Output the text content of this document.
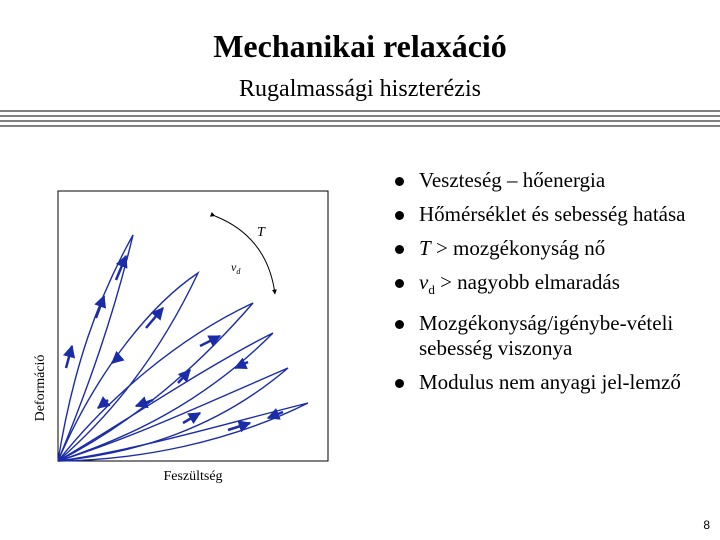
Mechanikai relaxáció
Rugalmassági hiszterézis
T
$v_d$
Deformáció
Feszültség
Veszteség – hőenergia
Hőmérséklet és sebesség hatása
T > mozgékonyság nő
$v_d$ > nagyobb elmaradás
Mozgékonyság/igénybe-vételi sebesség viszonya
Modulus nem anyagi jel-lemző
8
